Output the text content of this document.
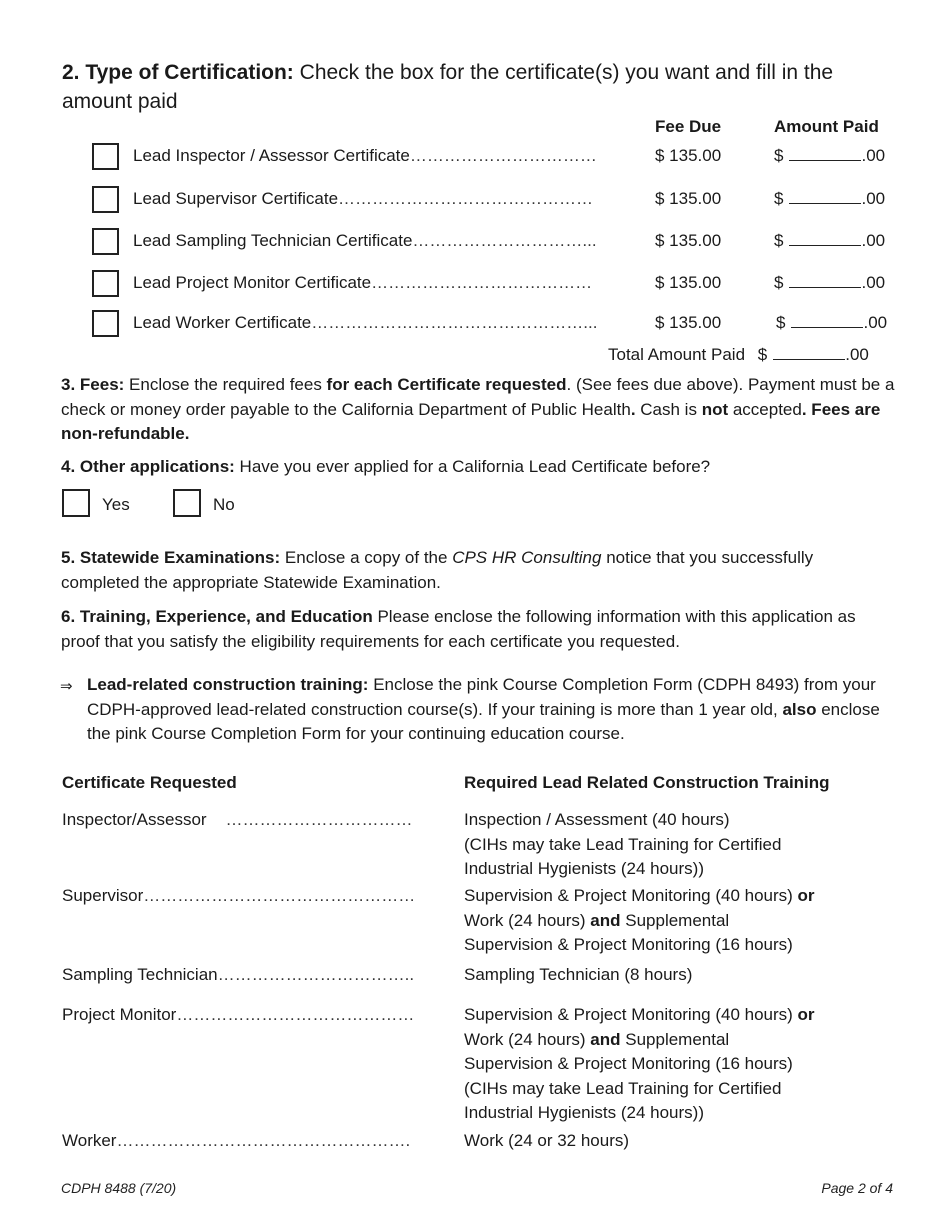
2. Type of Certification: Check the box for the certificate(s) you want and fill in the amount paid
Fee Due	Amount Paid
Lead Inspector / Assessor Certificate……………………………	$ 135.00	$	.00
Lead Supervisor Certificate………………………………………	$ 135.00	$	.00
Lead Sampling Technician Certificate…………………………...	$ 135.00	$	.00
Lead Project Monitor Certificate…………………………………	$ 135.00	$	.00
Lead Worker Certificate…………………………………………...	$ 135.00	$	.00
Total Amount Paid $	.00
3. Fees: Enclose the required fees for each Certificate requested. (See fees due above). Payment must be a check or money order payable to the California Department of Public Health. Cash is not accepted. Fees are non-refundable.
4. Other applications: Have you ever applied for a California Lead Certificate before?
Yes	No
5. Statewide Examinations: Enclose a copy of the CPS HR Consulting notice that you successfully completed the appropriate Statewide Examination.
6. Training, Experience, and Education Please enclose the following information with this application as proof that you satisfy the eligibility requirements for each certificate you requested.
⇒ Lead-related construction training: Enclose the pink Course Completion Form (CDPH 8493) from your CDPH-approved lead-related construction course(s). If your training is more than 1 year old, also enclose the pink Course Completion Form for your continuing education course.
Certificate Requested	Required Lead Related Construction Training
Inspector/Assessor    ……………………………	Inspection / Assessment (40 hours)
(CIHs may take Lead Training for Certified
Industrial Hygienists (24 hours))
Supervisor…………………………………………	Supervision & Project Monitoring (40 hours) or
Work (24 hours) and Supplemental
Supervision & Project Monitoring (16 hours)
Sampling Technician……………………………..	Sampling Technician (8 hours)
Project Monitor……………………………………	Supervision & Project Monitoring (40 hours) or
Work (24 hours) and Supplemental
Supervision & Project Monitoring (16 hours)
(CIHs may take Lead Training for Certified
Industrial Hygienists (24 hours))
Worker…………………………………………….	Work (24 or 32 hours)
CDPH 8488 (7/20)	Page 2 of 4
